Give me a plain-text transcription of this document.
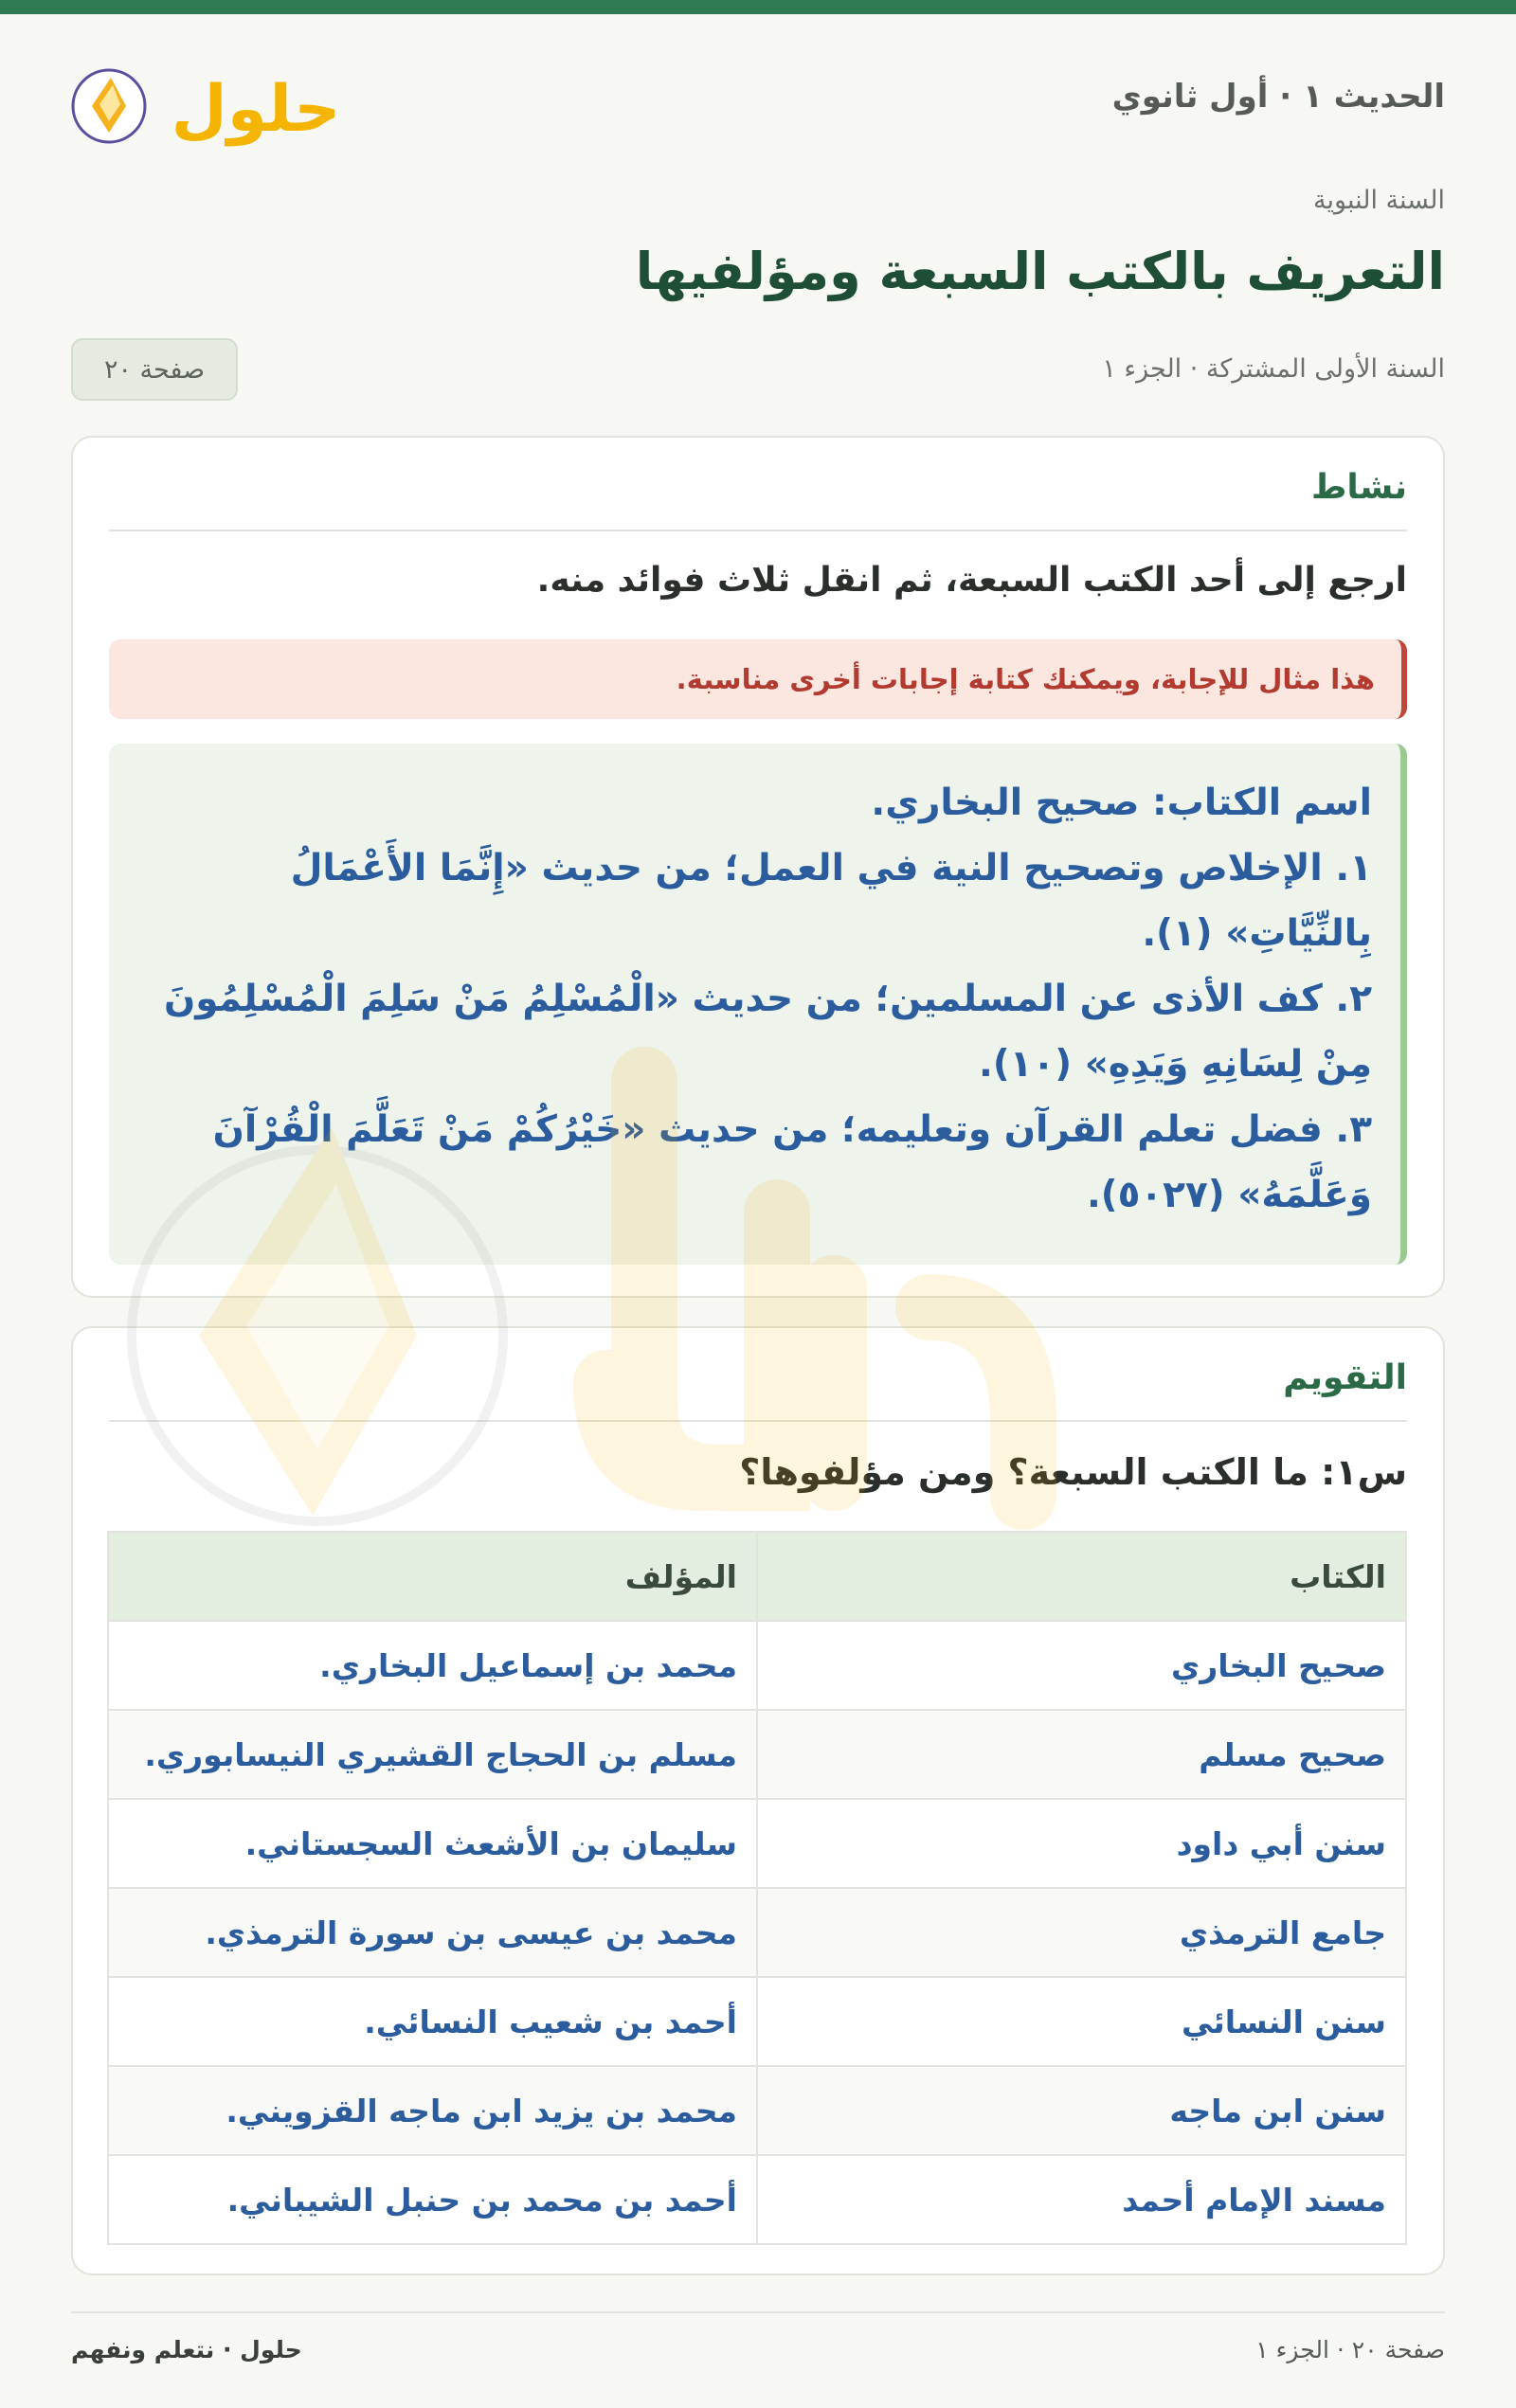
الحديث ١ · أول ثانوي
حلول
السنة النبوية
التعريف بالكتب السبعة ومؤلفيها
السنة الأولى المشتركة · الجزء ١
صفحة ٢٠
نشاط
ارجع إلى أحد الكتب السبعة، ثم انقل ثلاث فوائد منه.
هذا مثال للإجابة، ويمكنك كتابة إجابات أخرى مناسبة.

اسم الكتاب: صحيح البخاري.

١. الإخلاص وتصحيح النية في العمل؛ من حديث «إِنَّمَا الأَعْمَالُ

بِالنِّيَّاتِ» (١).

٢. كف الأذى عن المسلمين؛ من حديث «الْمُسْلِمُ مَنْ سَلِمَ الْمُسْلِمُونَ

مِنْ لِسَانِهِ وَيَدِهِ» (١٠).

٣. فضل تعلم القرآن وتعليمه؛ من حديث «خَيْرُكُمْ مَنْ تَعَلَّمَ الْقُرْآنَ

وَعَلَّمَهُ» (٥٠٢٧).

التقويم
س١: ما الكتب السبعة؟ ومن مؤلفوها؟
الكتاب	المؤلف
صحيح البخاري	محمد بن إسماعيل البخاري.
صحيح مسلم	مسلم بن الحجاج القشيري النيسابوري.
سنن أبي داود	سليمان بن الأشعث السجستاني.
جامع الترمذي	محمد بن عيسى بن سورة الترمذي.
سنن النسائي	أحمد بن شعيب النسائي.
سنن ابن ماجه	محمد بن يزيد ابن ماجه القزويني.
مسند الإمام أحمد	أحمد بن محمد بن حنبل الشيباني.
صفحة ٢٠ · الجزء ١
حلول · نتعلم ونفهم
